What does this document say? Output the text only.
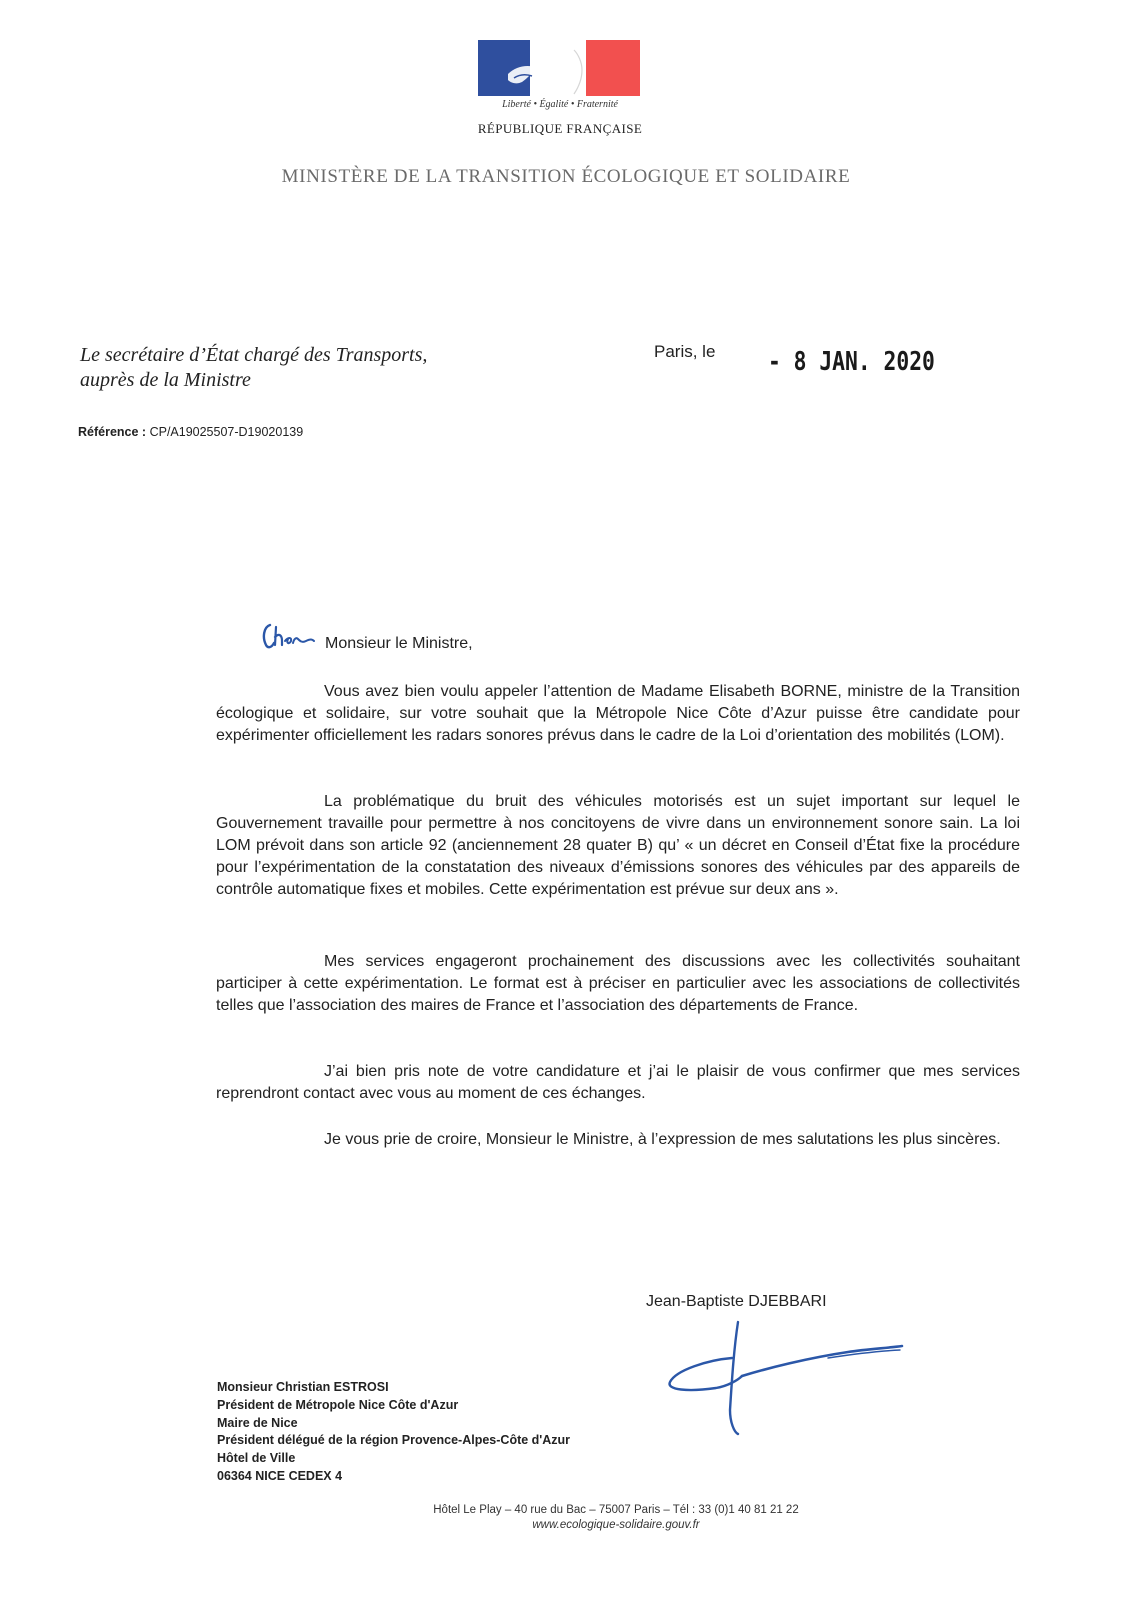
Liberté • Égalité • Fraternité
RÉPUBLIQUE FRANÇAISE
MINISTÈRE DE LA TRANSITION ÉCOLOGIQUE ET SOLIDAIRE
Le secrétaire d’État chargé des Transports,
auprès de la Ministre
Paris, le - 8 JAN. 2020
Référence : CP/A19025507-D19020139
Monsieur le Ministre,

Vous avez bien voulu appeler l’attention de Madame Elisabeth BORNE, ministre de la Transition écologique et solidaire, sur votre souhait que la Métropole Nice Côte d’Azur puisse être candidate pour expérimenter officiellement les radars sonores prévus dans le cadre de la Loi d’orientation des mobilités (LOM).

La problématique du bruit des véhicules motorisés est un sujet important sur lequel le Gouvernement travaille pour permettre à nos concitoyens de vivre dans un environnement sonore sain. La loi LOM prévoit dans son article 92 (anciennement 28 quater B) qu’ « un décret en Conseil d’État fixe la procédure pour l’expérimentation de la constatation des niveaux d’émissions sonores des véhicules par des appareils de contrôle automatique fixes et mobiles. Cette expérimentation est prévue sur deux ans ».

Mes services engageront prochainement des discussions avec les collectivités souhaitant participer à cette expérimentation. Le format est à préciser en particulier avec les associations de collectivités telles que l’association des maires de France et l’association des départements de France.

J’ai bien pris note de votre candidature et j’ai le plaisir de vous confirmer que mes services reprendront contact avec vous au moment de ces échanges.

Je vous prie de croire, Monsieur le Ministre, à l’expression de mes salutations les plus sincères.

Jean-Baptiste DJEBBARI
Monsieur Christian ESTROSI
Président de Métropole Nice Côte d'Azur
Maire de Nice
Président délégué de la région Provence-Alpes-Côte d'Azur
Hôtel de Ville
06364 NICE CEDEX 4
Hôtel Le Play – 40 rue du Bac – 75007 Paris – Tél : 33 (0)1 40 81 21 22
www.ecologique-solidaire.gouv.fr
